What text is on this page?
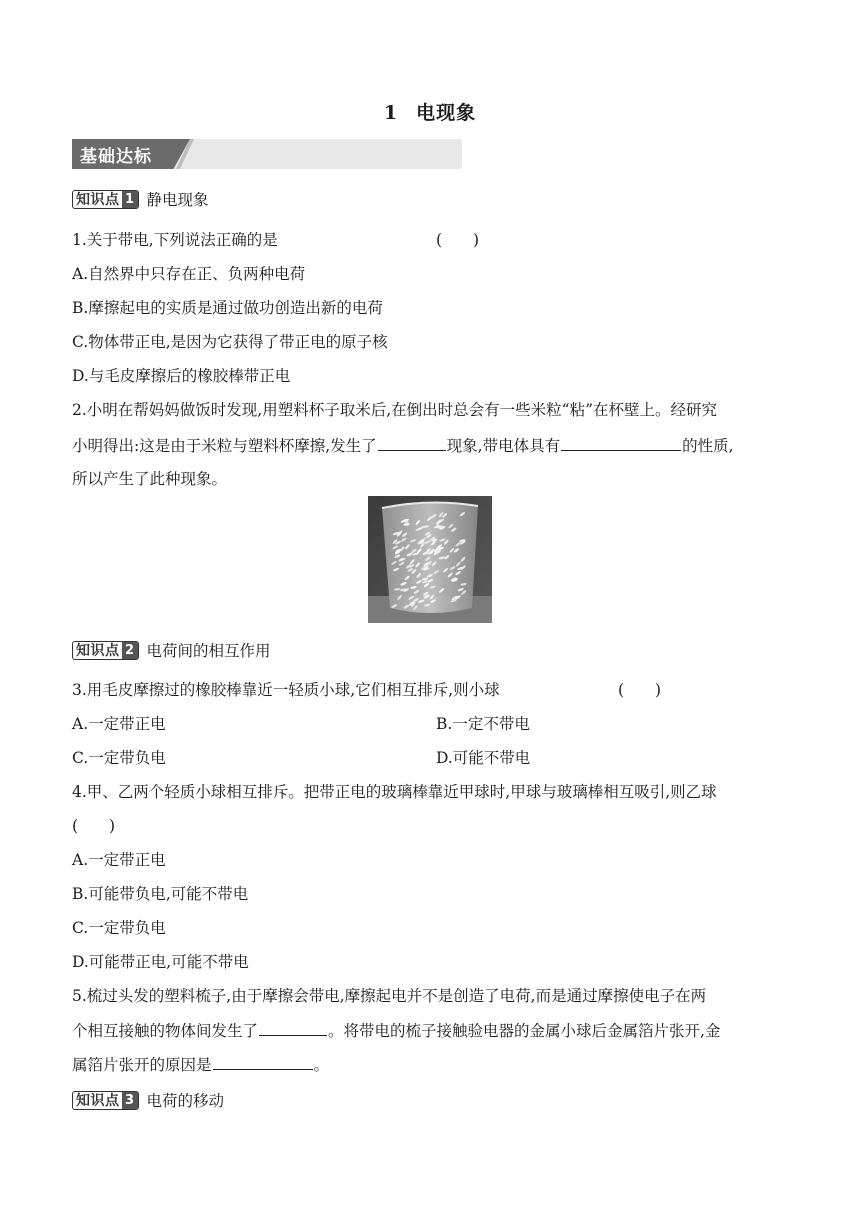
1 电现象
基础达标
知识点 1 静电现象
1.关于带电,下列说法正确的是	(　　)
A.自然界中只存在正、负两种电荷
B.摩擦起电的实质是通过做功创造出新的电荷
C.物体带正电,是因为它获得了带正电的原子核
D.与毛皮摩擦后的橡胶棒带正电
2.小明在帮妈妈做饭时发现,用塑料杯子取米后,在倒出时总会有一些米粒“粘”在杯壁上。经研究
小明得出:这是由于米粒与塑料杯摩擦,发生了	现象,带电体具有	的性质,
所以产生了此种现象。
知识点 2 电荷间的相互作用
3.用毛皮摩擦过的橡胶棒靠近一轻质小球,它们相互排斥,则小球	(　　)
A.一定带正电	B.一定不带电
C.一定带负电	D.可能不带电
4.甲、乙两个轻质小球相互排斥。把带正电的玻璃棒靠近甲球时,甲球与玻璃棒相互吸引,则乙球
(　　)
A.一定带正电
B.可能带负电,可能不带电
C.一定带负电
D.可能带正电,可能不带电
5.梳过头发的塑料梳子,由于摩擦会带电,摩擦起电并不是创造了电荷,而是通过摩擦使电子在两
个相互接触的物体间发生了	。将带电的梳子接触验电器的金属小球后金属箔片张开,金
属箔片张开的原因是	。
知识点 3 电荷的移动
